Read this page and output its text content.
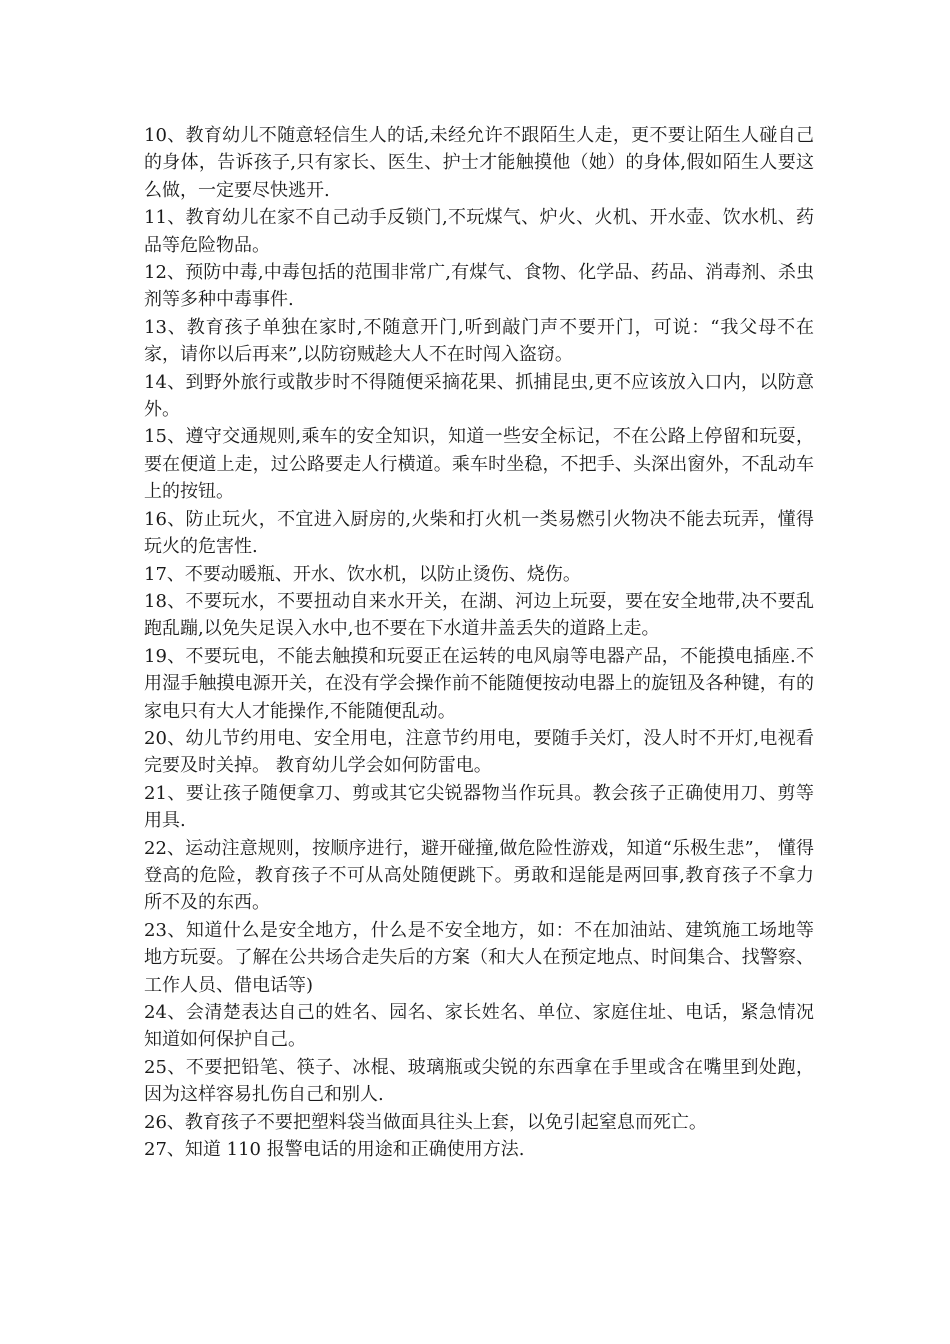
10、教育幼儿不随意轻信生人的话,未经允许不跟陌生人走，更不要让陌生人碰自己的身体，告诉孩子,只有家长、医生、护士才能触摸他（她）的身体,假如陌生人要这么做，一定要尽快逃开.

11、教育幼儿在家不自己动手反锁门,不玩煤气、炉火、火机、开水壶、饮水机、药品等危险物品。

12、预防中毒,中毒包括的范围非常广,有煤气、食物、化学品、药品、消毒剂、杀虫剂等多种中毒事件.

13、教育孩子单独在家时,不随意开门,听到敲门声不要开门，可说：“我父母不在家，请你以后再来”,以防窃贼趁大人不在时闯入盗窃。

14、到野外旅行或散步时不得随便采摘花果、抓捕昆虫,更不应该放入口内，以防意外。

15、遵守交通规则,乘车的安全知识，知道一些安全标记，不在公路上停留和玩耍，要在便道上走，过公路要走人行横道。乘车时坐稳，不把手、头深出窗外，不乱动车上的按钮。

16、防止玩火，不宜进入厨房的,火柴和打火机一类易燃引火物决不能去玩弄，懂得玩火的危害性.

17、不要动暖瓶、开水、饮水机，以防止烫伤、烧伤。

18、不要玩水，不要扭动自来水开关，在湖、河边上玩耍，要在安全地带,决不要乱跑乱蹦,以免失足误入水中,也不要在下水道井盖丢失的道路上走。

19、不要玩电，不能去触摸和玩耍正在运转的电风扇等电器产品，不能摸电插座.不用湿手触摸电源开关，在没有学会操作前不能随便按动电器上的旋钮及各种键，有的家电只有大人才能操作,不能随便乱动。

20、幼儿节约用电、安全用电，注意节约用电，要随手关灯，没人时不开灯,电视看完要及时关掉。 教育幼儿学会如何防雷电。

21、要让孩子随便拿刀、剪或其它尖锐器物当作玩具。教会孩子正确使用刀、剪等用具.

22、运动注意规则，按顺序进行，避开碰撞,做危险性游戏，知道“乐极生悲”， 懂得登高的危险，教育孩子不可从高处随便跳下。勇敢和逞能是两回事,教育孩子不拿力所不及的东西。

23、知道什么是安全地方，什么是不安全地方，如：不在加油站、建筑施工场地等地方玩耍。了解在公共场合走失后的方案（和大人在预定地点、时间集合、找警察、工作人员、借电话等)

24、会清楚表达自己的姓名、园名、家长姓名、单位、家庭住址、电话，紧急情况知道如何保护自己。

25、不要把铅笔、筷子、冰棍、玻璃瓶或尖锐的东西拿在手里或含在嘴里到处跑，因为这样容易扎伤自己和别人.

26、教育孩子不要把塑料袋当做面具往头上套，以免引起窒息而死亡。

27、知道 110 报警电话的用途和正确使用方法.
